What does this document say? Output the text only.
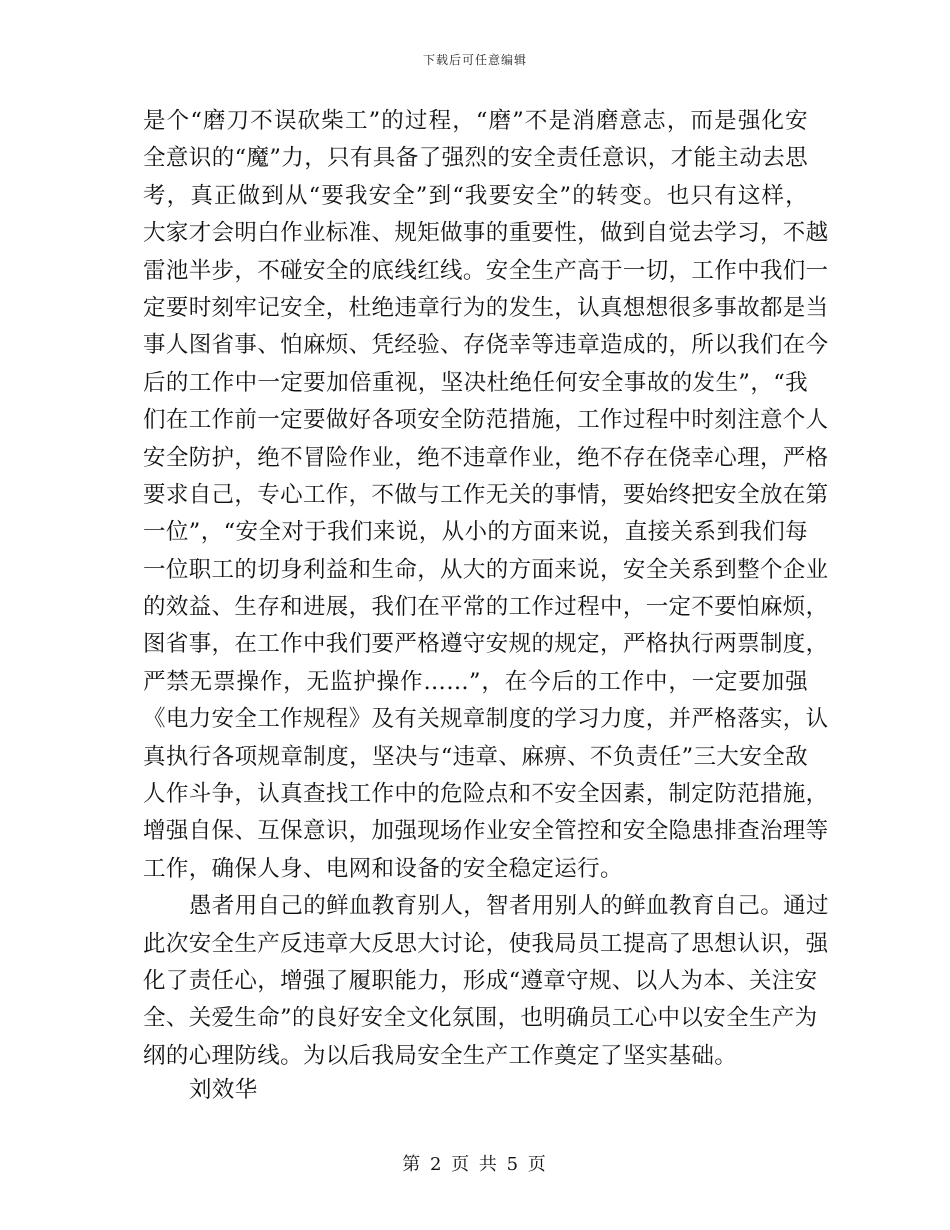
下载后可任意编辑
是个“磨刀不误砍柴工”的过程，“磨”不是消磨意志，而是强化安
全意识的“魔”力，只有具备了强烈的安全责任意识，才能主动去思
考，真正做到从“要我安全”到“我要安全”的转变。也只有这样，
大家才会明白作业标准、规矩做事的重要性，做到自觉去学习，不越
雷池半步，不碰安全的底线红线。安全生产高于一切，工作中我们一
定要时刻牢记安全，杜绝违章行为的发生，认真想想很多事故都是当
事人图省事、怕麻烦、凭经验、存侥幸等违章造成的，所以我们在今
后的工作中一定要加倍重视，坚决杜绝任何安全事故的发生”，“我
们在工作前一定要做好各项安全防范措施，工作过程中时刻注意个人
安全防护，绝不冒险作业，绝不违章作业，绝不存在侥幸心理，严格
要求自己，专心工作，不做与工作无关的事情，要始终把安全放在第
一位”，“安全对于我们来说，从小的方面来说，直接关系到我们每
一位职工的切身利益和生命，从大的方面来说，安全关系到整个企业
的效益、生存和进展，我们在平常的工作过程中，一定不要怕麻烦，
图省事，在工作中我们要严格遵守安规的规定，严格执行两票制度，
严禁无票操作，无监护操作……”，在今后的工作中，一定要加强
《电力安全工作规程》及有关规章制度的学习力度，并严格落实，认
真执行各项规章制度，坚决与“违章、麻痹、不负责任”三大安全敌
人作斗争，认真查找工作中的危险点和不安全因素，制定防范措施，
增强自保、互保意识，加强现场作业安全管控和安全隐患排查治理等
工作，确保人身、电网和设备的安全稳定运行。
愚者用自己的鲜血教育别人，智者用别人的鲜血教育自己。通过
此次安全生产反违章大反思大讨论，使我局员工提高了思想认识，强
化了责任心，增强了履职能力，形成“遵章守规、以人为本、关注安
全、关爱生命”的良好安全文化氛围，也明确员工心中以安全生产为
纲的心理防线。为以后我局安全生产工作奠定了坚实基础。
刘效华
第 2 页 共 5 页
